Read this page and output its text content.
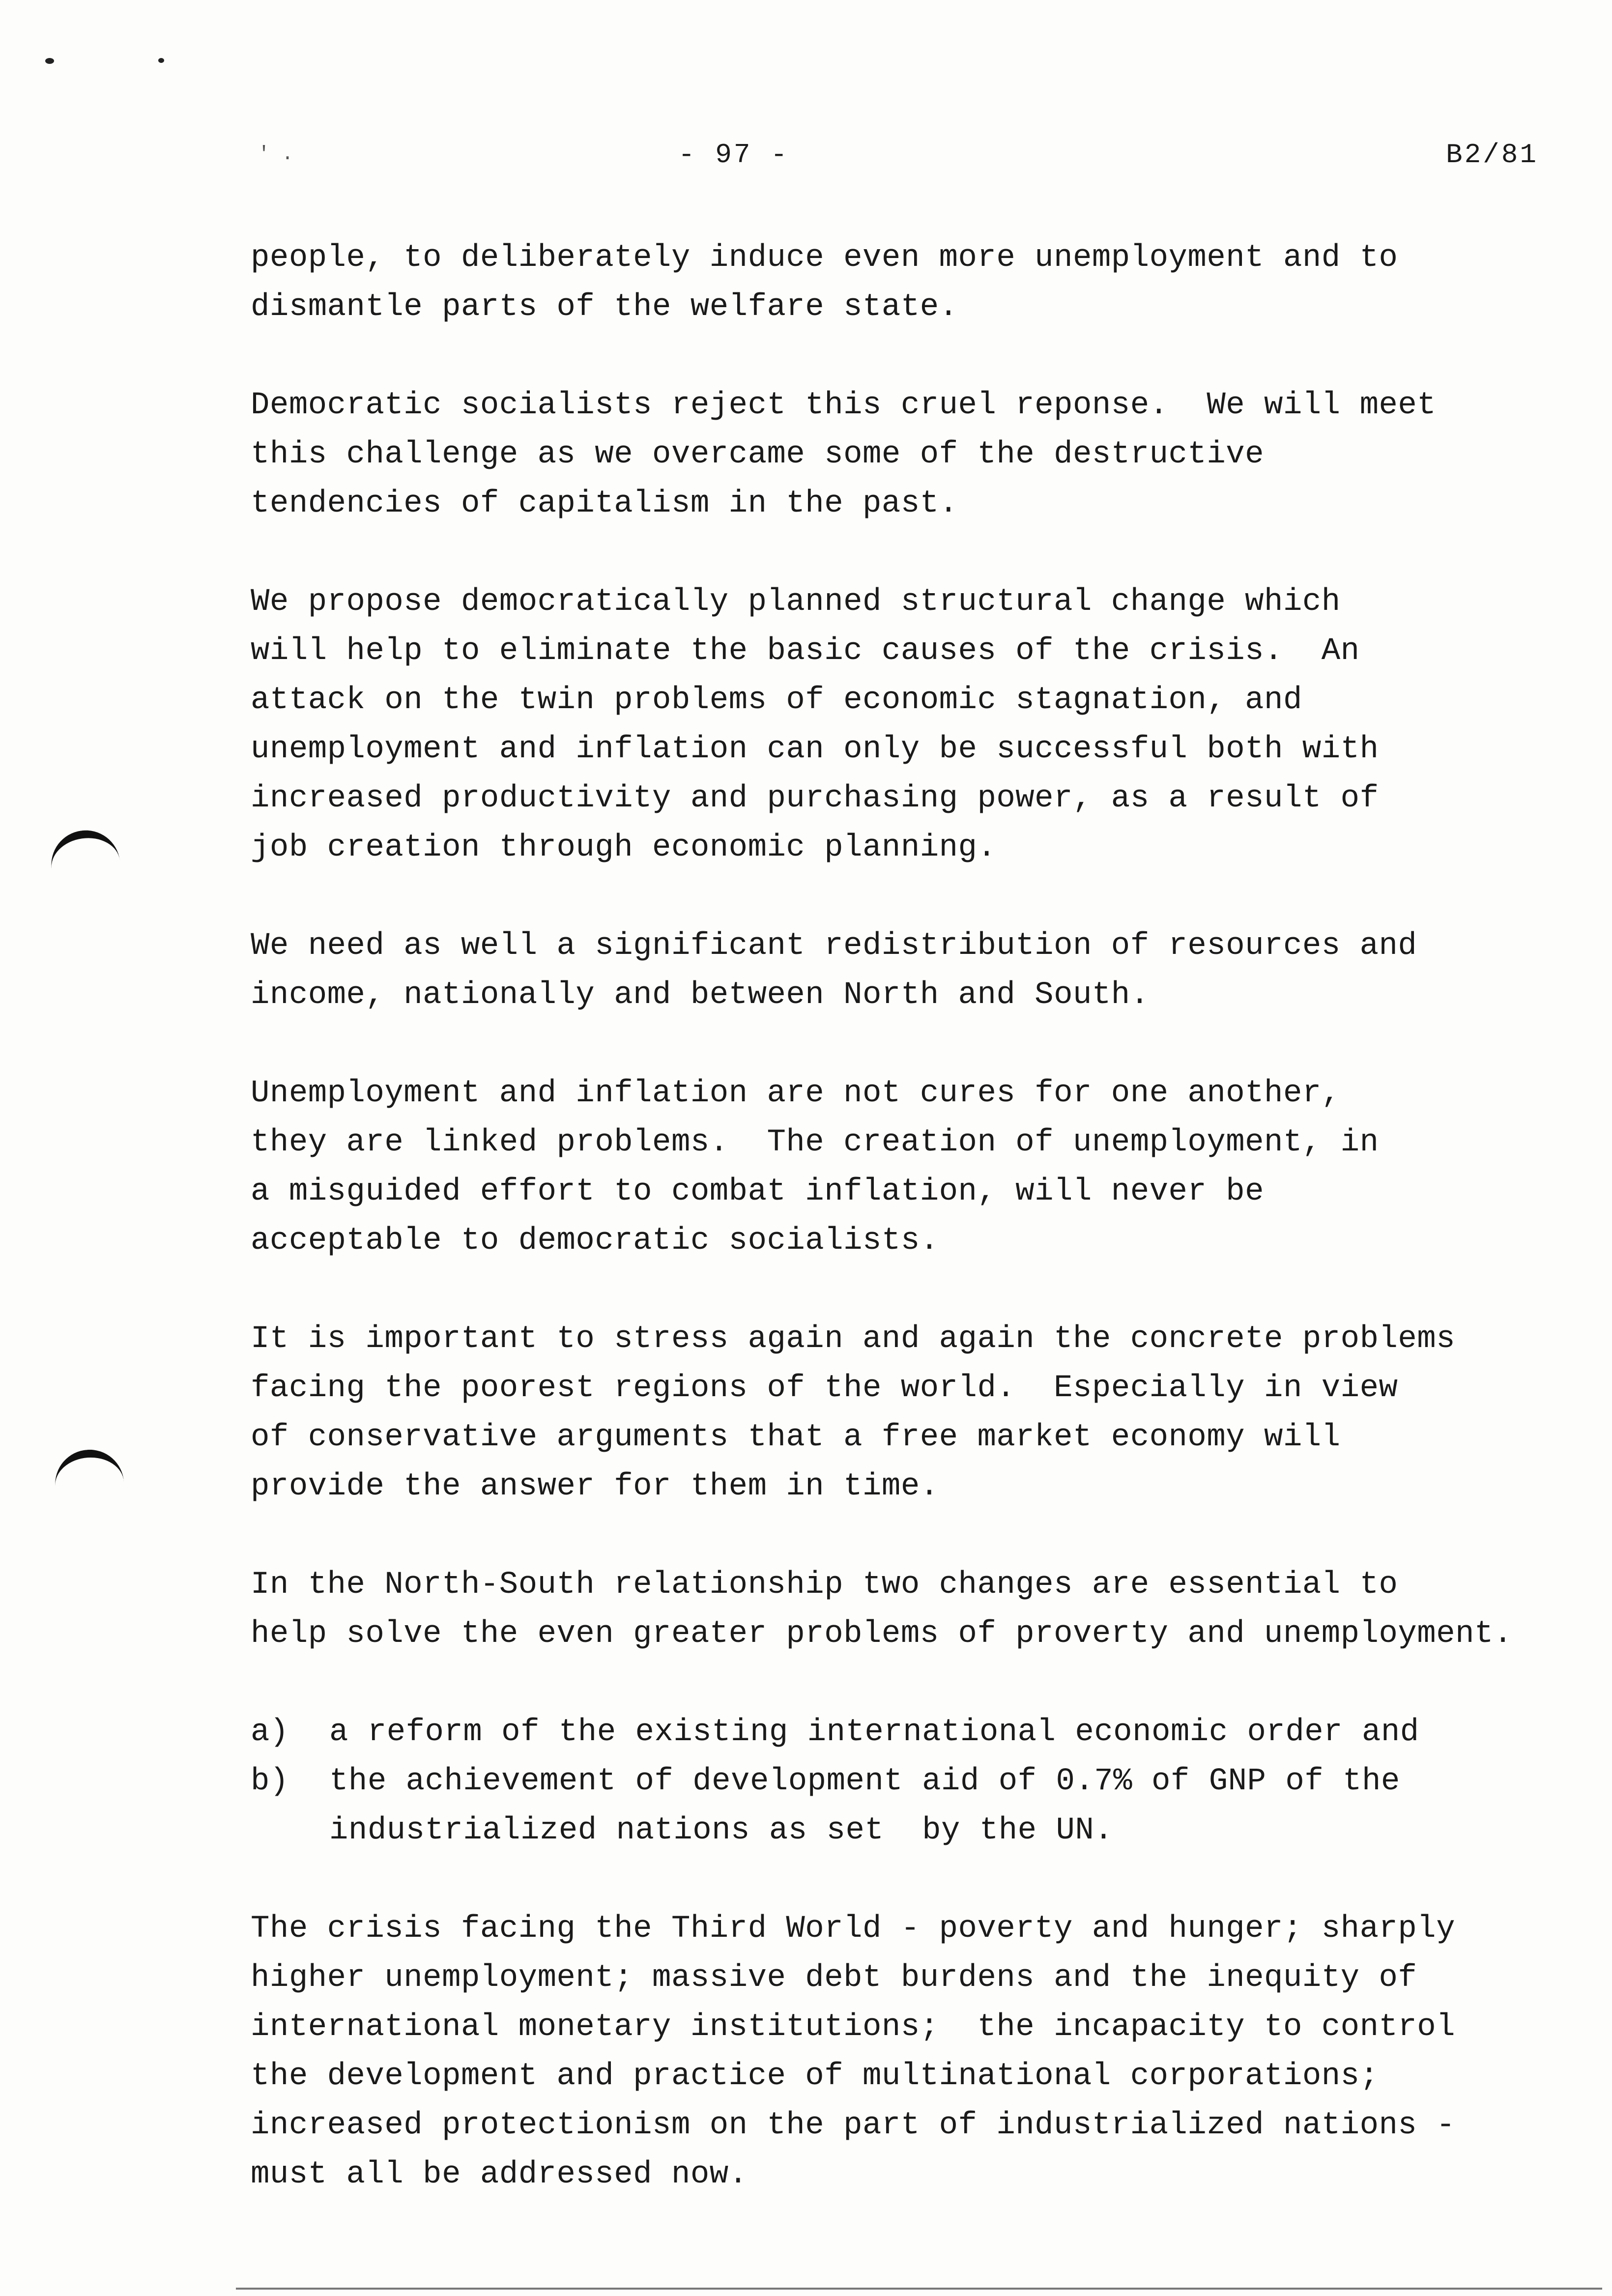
' .	- 97 -	B2/81
people, to deliberately induce even more unemployment and to
dismantle parts of the welfare state.
Democratic socialists reject this cruel reponse.  We will meet
this challenge as we overcame some of the destructive
tendencies of capitalism in the past.
We propose democratically planned structural change which
will help to eliminate the basic causes of the crisis.  An
attack on the twin problems of economic stagnation, and
unemployment and inflation can only be successful both with
increased productivity and purchasing power, as a result of
job creation through economic planning.
We need as well a significant redistribution of resources and
income, nationally and between North and South.
Unemployment and inflation are not cures for one another,
they are linked problems.  The creation of unemployment, in
a misguided effort to combat inflation, will never be
acceptable to democratic socialists.
It is important to stress again and again the concrete problems
facing the poorest regions of the world.  Especially in view
of conservative arguments that a free market economy will
provide the answer for them in time.
In the North-South relationship two changes are essential to
help solve the even greater problems of proverty and unemployment.
a) a reform of the existing international economic order and
b) the achievement of development aid of 0.7% of GNP of the
industrialized nations as set  by the UN.
The crisis facing the Third World - poverty and hunger; sharply
higher unemployment; massive debt burdens and the inequity of
international monetary institutions;  the incapacity to control
the development and practice of multinational corporations;
increased protectionism on the part of industrialized nations -
must all be addressed now.
